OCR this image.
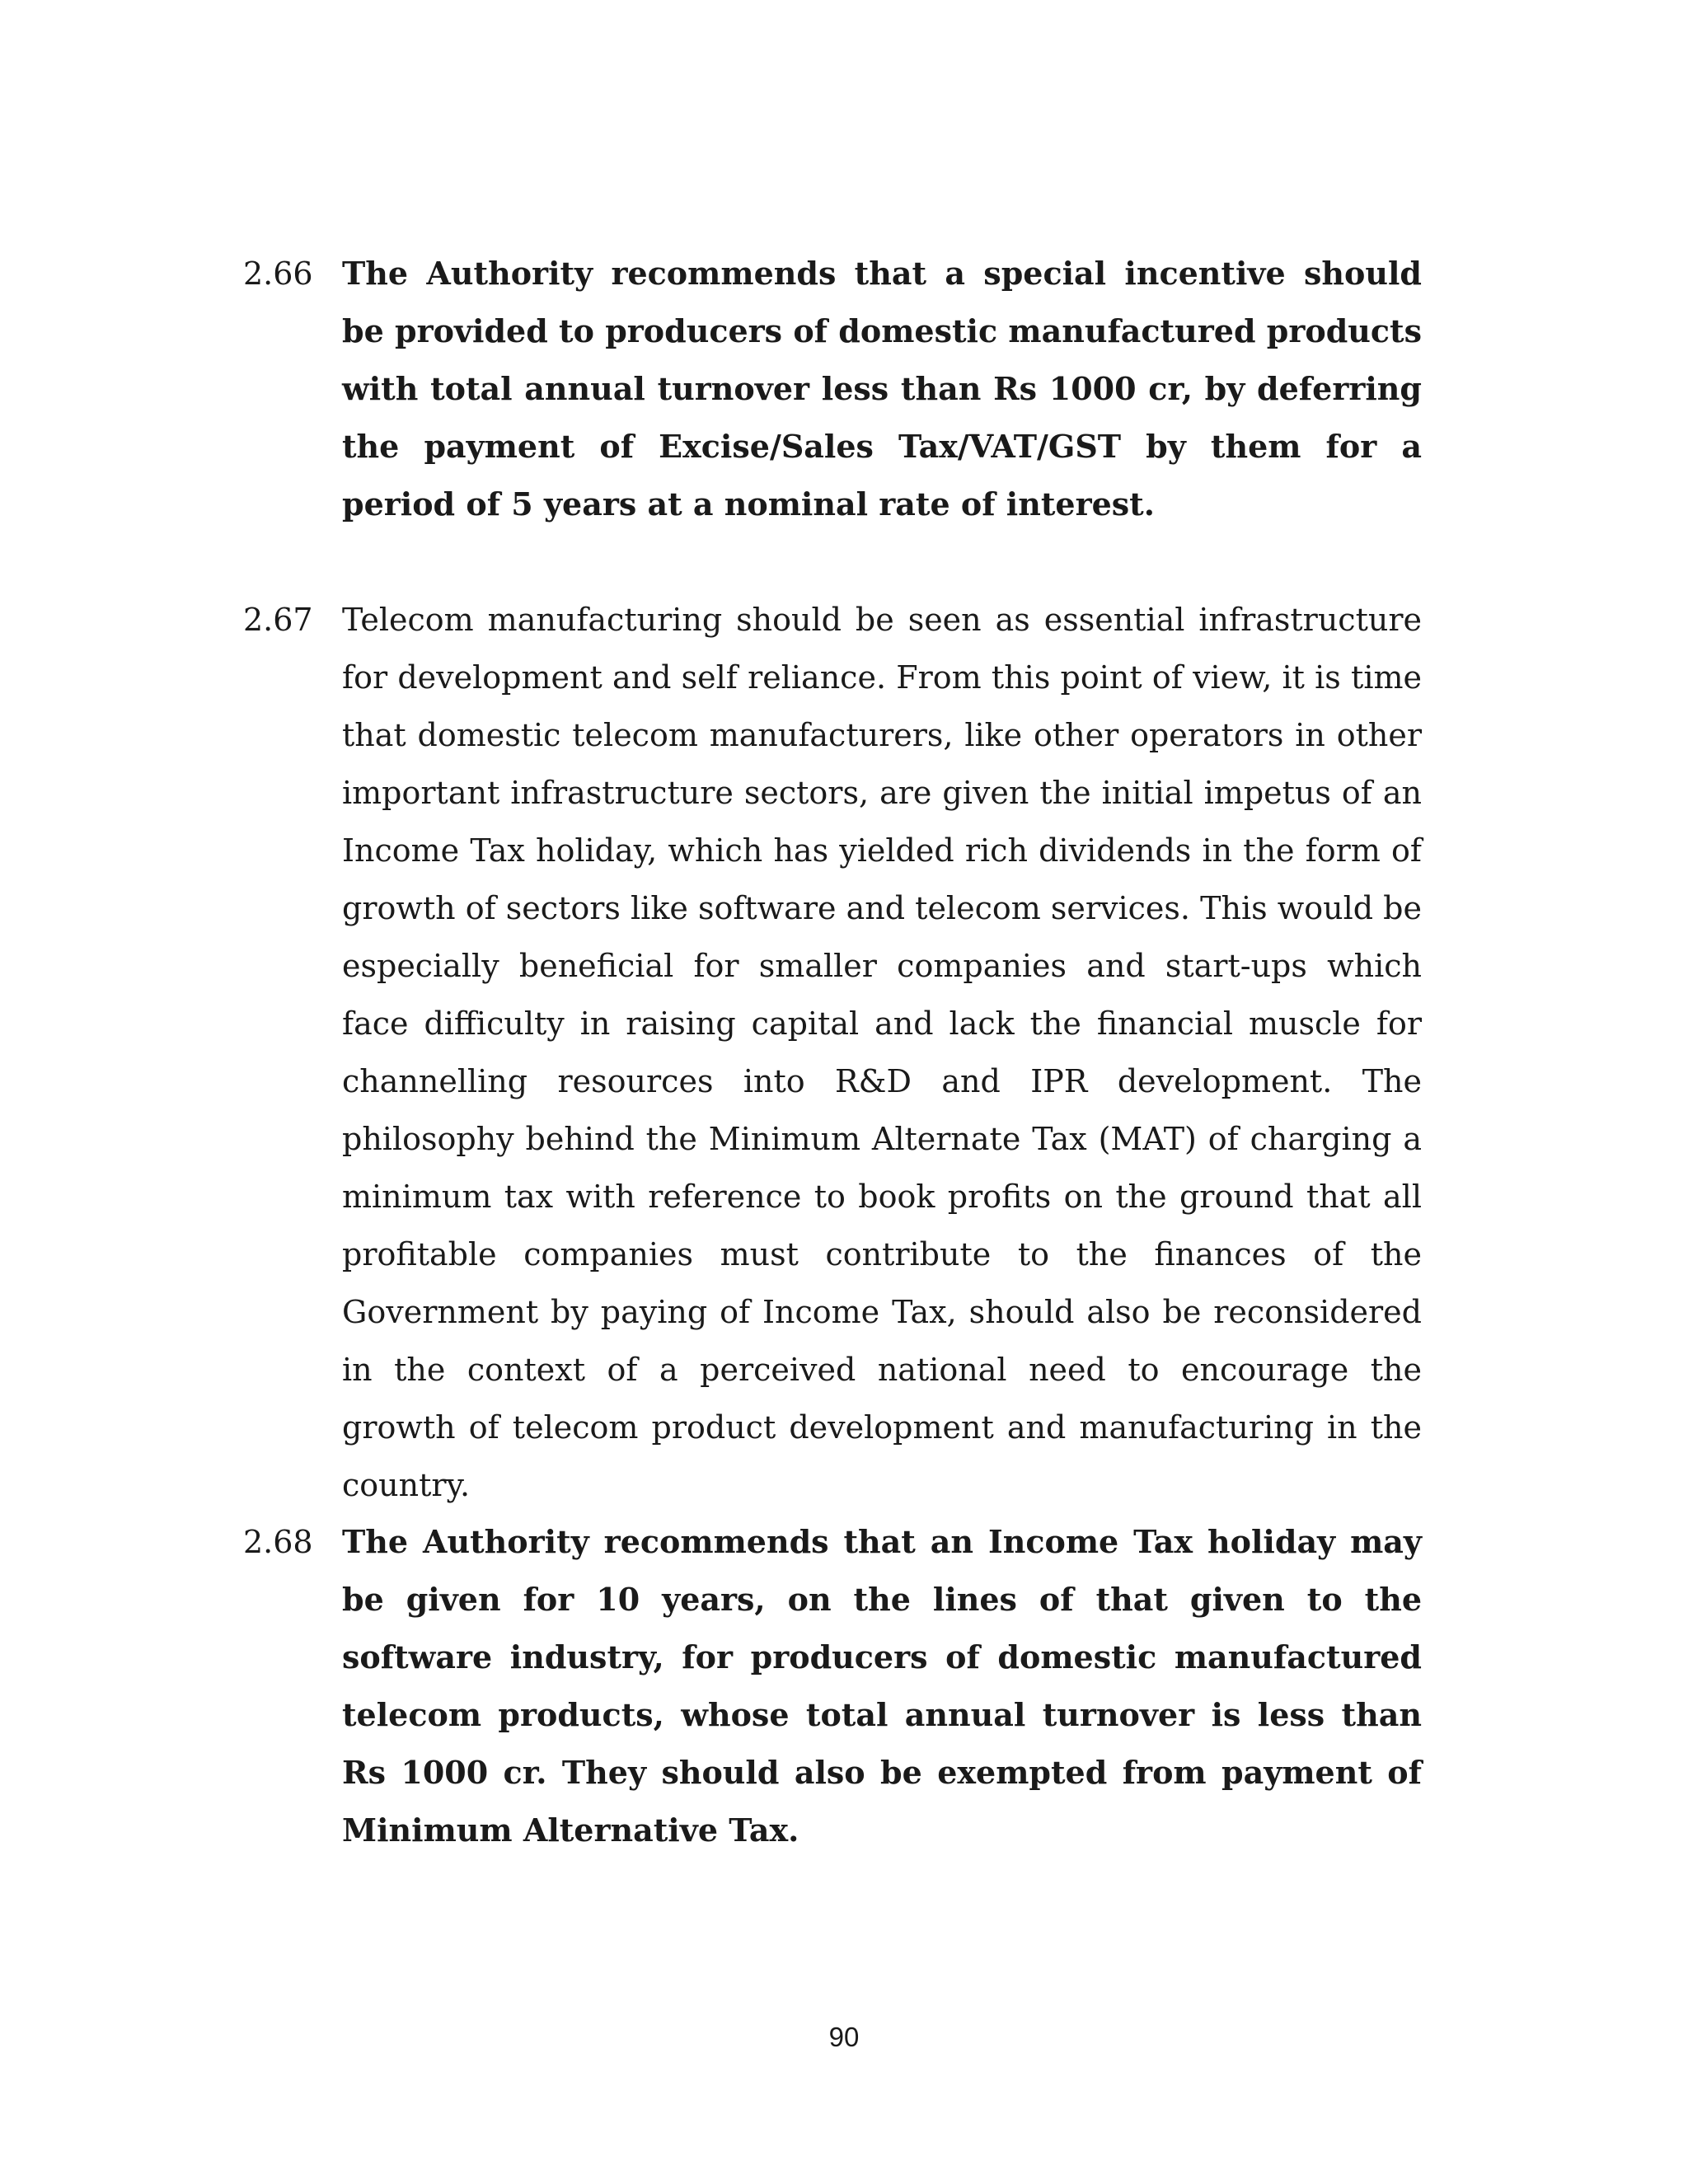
2.66 The Authority recommends that a special incentive should be provided to producers of domestic manufactured products with total annual turnover less than Rs 1000 cr, by deferring the payment of Excise/Sales Tax/VAT/GST by them for a period of 5 years at a nominal rate of interest.
2.67 Telecom manufacturing should be seen as essential infrastructure for development and self reliance. From this point of view, it is time that domestic telecom manufacturers, like other operators in other important infrastructure sectors, are given the initial impetus of an Income Tax holiday, which has yielded rich dividends in the form of growth of sectors like software and telecom services. This would be especially beneficial for smaller companies and start-ups which face difficulty in raising capital and lack the financial muscle for channelling resources into R&D and IPR development. The philosophy behind the Minimum Alternate Tax (MAT) of charging a minimum tax with reference to book profits on the ground that all profitable companies must contribute to the finances of the Government by paying of Income Tax, should also be reconsidered in the context of a perceived national need to encourage the growth of telecom product development and manufacturing in the country.
2.68 The Authority recommends that an Income Tax holiday may be given for 10 years, on the lines of that given to the software industry, for producers of domestic manufactured telecom products, whose total annual turnover is less than Rs 1000 cr. They should also be exempted from payment of Minimum Alternative Tax.
90
